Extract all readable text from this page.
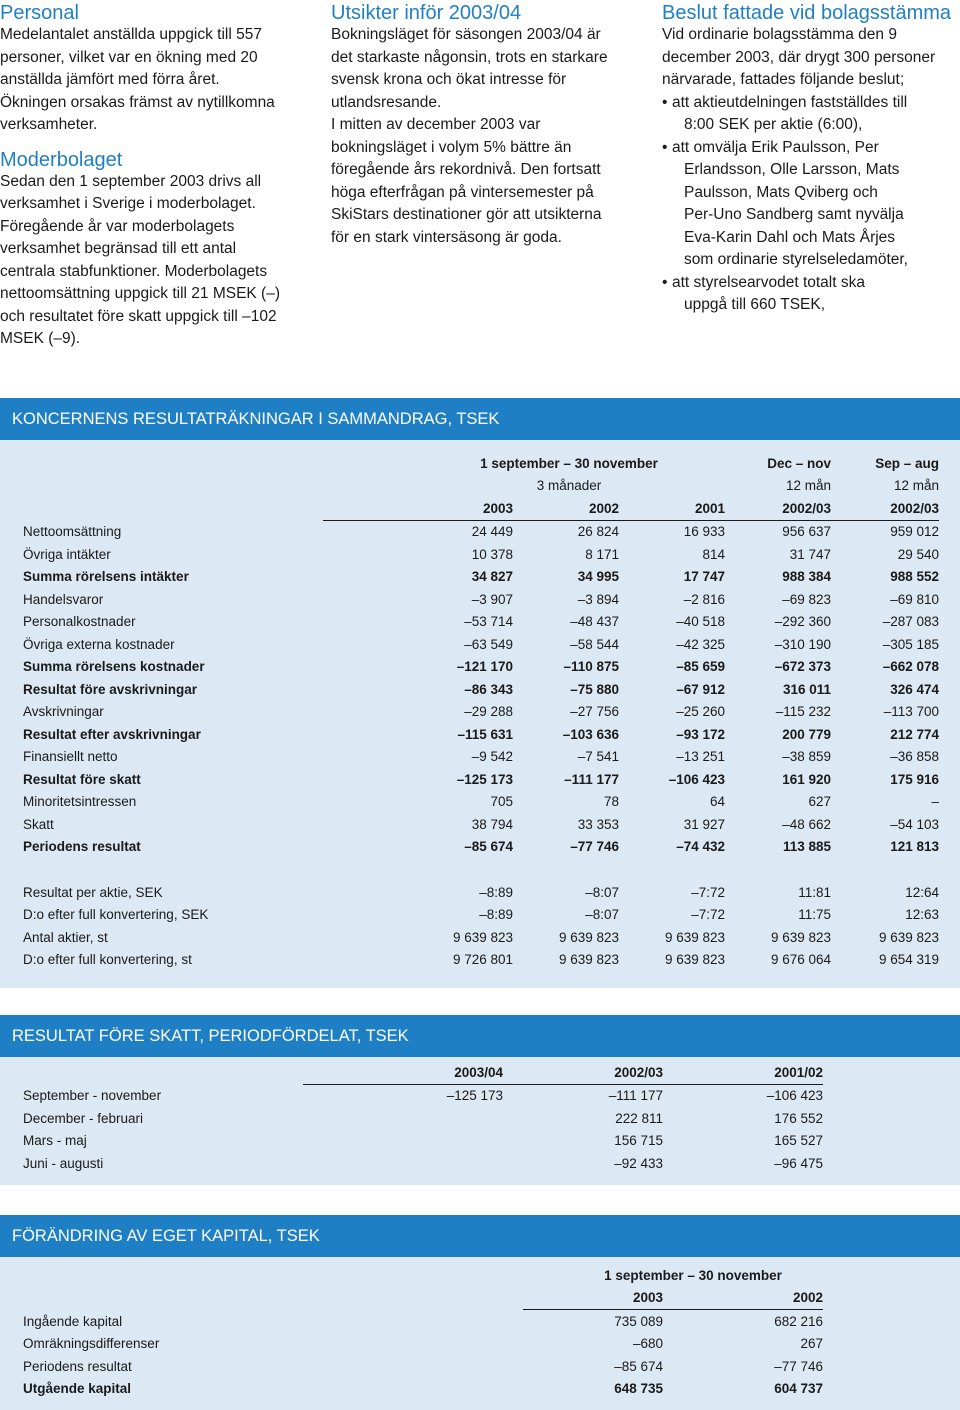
Personal

Medelantalet anställda uppgick till 557 personer, vilket var en ökning med 20 anställda jämfört med förra året. Ökningen orsakas främst av nytillkomna verksamheter.

Moderbolaget

Sedan den 1 september 2003 drivs all verksamhet i Sverige i moderbolaget. Föregående år var moderbolagets verksamhet begränsad till ett antal centrala stabfunktioner. Moderbolagets nettoomsättning uppgick till 21 MSEK (–) och resultatet före skatt uppgick till –102 MSEK (–9).

Utsikter inför 2003/04

Bokningsläget för säsongen 2003/04 är det starkaste någonsin, trots en starkare svensk krona och ökat intresse för utlandsresande.

I mitten av december 2003 var bokningsläget i volym 5% bättre än föregående års rekordnivå. Den fortsatt höga efterfrågan på vintersemester på SkiStars destinationer gör att utsikterna för en stark vintersäsong är goda.

Beslut fattade vid bolagsstämma

Vid ordinarie bolagsstämma den 9 december 2003, där drygt 300 personer närvarade, fattades följande beslut;

• att aktieutdelningen fastställdes till

8:00 SEK per aktie (6:00),
• att omvälja Erik Paulsson, Per

Erlandsson, Olle Larsson, Mats
Paulsson, Mats Qviberg och
Per-Uno Sandberg samt nyvälja
Eva-Karin Dahl och Mats Årjes
som ordinarie styrelseledamöter,
• att styrelsearvodet totalt ska

uppgå till 660 TSEK,
KONCERNENS RESULTATRÄKNINGAR I SAMMANDRAG, TSEK
	1 september – 30 november			Dec – nov	Sep – aug
	3 månader			12 mån	12 mån
	2003	2002	2001	2002/03	2002/03
Nettoomsättning	24 449	26 824	16 933	956 637	959 012
Övriga intäkter	10 378	8 171	814	31 747	29 540
Summa rörelsens intäkter	34 827	34 995	17 747	988 384	988 552
Handelsvaror	–3 907	–3 894	–2 816	–69 823	–69 810
Personalkostnader	–53 714	–48 437	–40 518	–292 360	–287 083
Övriga externa kostnader	–63 549	–58 544	–42 325	–310 190	–305 185
Summa rörelsens kostnader	–121 170	–110 875	–85 659	–672 373	–662 078
Resultat före avskrivningar	–86 343	–75 880	–67 912	316 011	326 474
Avskrivningar	–29 288	–27 756	–25 260	–115 232	–113 700
Resultat efter avskrivningar	–115 631	–103 636	–93 172	200 779	212 774
Finansiellt netto	–9 542	–7 541	–13 251	–38 859	–36 858
Resultat före skatt	–125 173	–111 177	–106 423	161 920	175 916
Minoritetsintressen	705	78	64	627	–
Skatt	38 794	33 353	31 927	–48 662	–54 103
Periodens resultat	–85 674	–77 746	–74 432	113 885	121 813

Resultat per aktie, SEK	–8:89	–8:07	–7:72	11:81	12:64
D:o efter full konvertering, SEK	–8:89	–8:07	–7:72	11:75	12:63
Antal aktier, st	9 639 823	9 639 823	9 639 823	9 639 823	9 639 823
D:o efter full konvertering, st	9 726 801	9 639 823	9 639 823	9 676 064	9 654 319
RESULTAT FÖRE SKATT, PERIODFÖRDELAT, TSEK
	2003/04	2002/03	2001/02
September - november	–125 173	–111 177	–106 423
December - februari		222 811	176 552
Mars - maj		156 715	165 527
Juni - augusti		–92 433	–96 475
FÖRÄNDRING AV EGET KAPITAL, TSEK
	1 september – 30 november	
	2003	2002
Ingående kapital	735 089	682 216
Omräkningsdifferenser	–680	267
Periodens resultat	–85 674	–77 746
Utgående kapital	648 735	604 737
